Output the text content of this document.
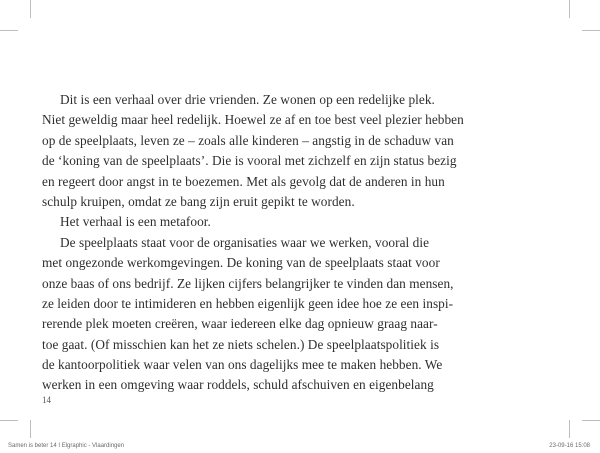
Dit is een verhaal over drie vrienden. Ze wonen op een redelijke plek.
Niet geweldig maar heel redelijk. Hoewel ze af en toe best veel plezier hebben
op de speelplaats, leven ze – zoals alle kinderen – angstig in de schaduw van
de ‘koning van de speelplaats’. Die is vooral met zichzelf en zijn status bezig
en regeert door angst in te boezemen. Met als gevolg dat de anderen in hun
schulp kruipen, omdat ze bang zijn eruit gepikt te worden.
Het verhaal is een metafoor.
De speelplaats staat voor de organisaties waar we werken, vooral die
met ongezonde werkomgevingen. De koning van de speelplaats staat voor
onze baas of ons bedrijf. Ze lijken cijfers belangrijker te vinden dan mensen,
ze leiden door te intimideren en hebben eigenlijk geen idee hoe ze een inspi-
rerende plek moeten creëren, waar iedereen elke dag opnieuw graag naar-
toe gaat. (Of misschien kan het ze niets schelen.) De speelplaatspolitiek is
de kantoorpolitiek waar velen van ons dagelijks mee te maken hebben. We
werken in een omgeving waar roddels, schuld afschuiven en eigenbelang
14
Samen is beter 14 I Elgraphic - Vlaardingen	23-09-16 15:08
